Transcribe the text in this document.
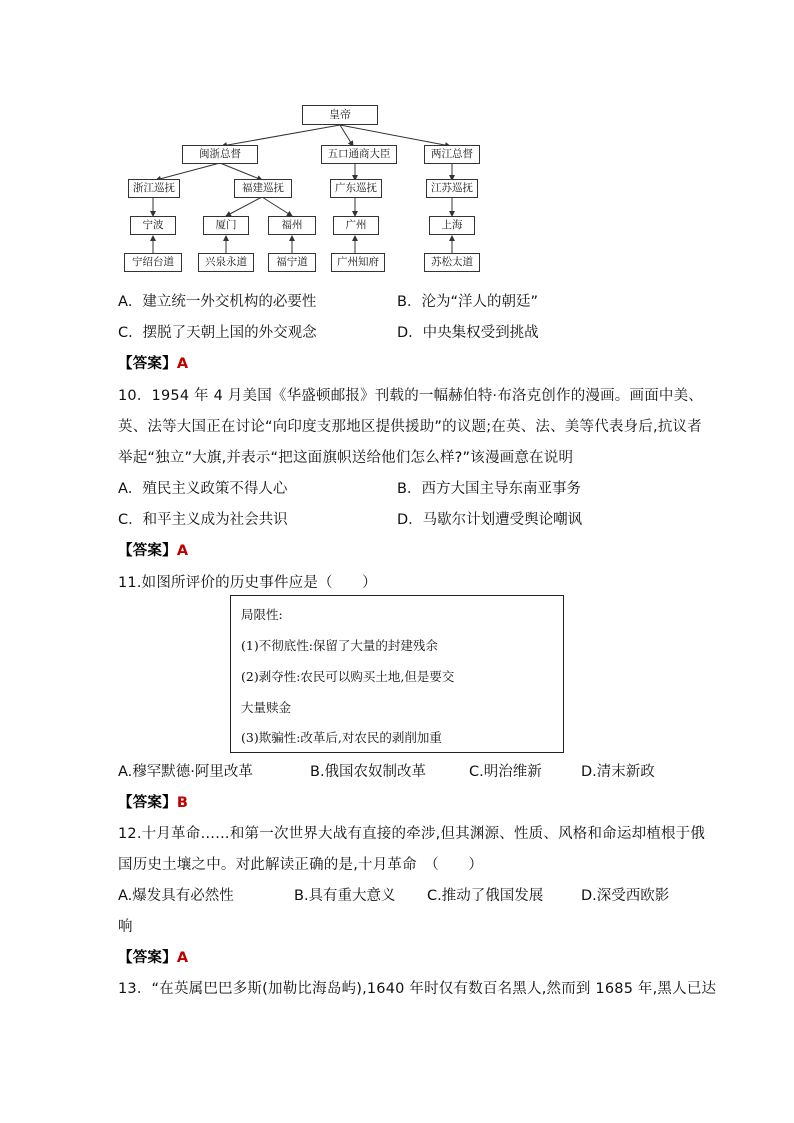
皇帝
闽浙总督	五口通商大臣	两江总督
浙江巡抚	福建巡抚	广东巡抚	江苏巡抚
宁波	厦门	福州	广州	上海
宁绍台道	兴泉永道	福宁道	广州知府	苏松太道
A．建立统一外交机构的必要性	B．沦为“洋人的朝廷”
C．摆脱了天朝上国的外交观念	D．中央集权受到挑战
【答案】A
10．1954 年 4 月美国《华盛顿邮报》刊载的一幅赫伯特·布洛克创作的漫画。画面中美、
英、法等大国正在讨论“向印度支那地区提供援助”的议题;在英、法、美等代表身后,抗议者
举起“独立”大旗,并表示“把这面旗帜送给他们怎么样?”该漫画意在说明
A．殖民主义政策不得人心	B．西方大国主导东南亚事务
C．和平主义成为社会共识	D．马歇尔计划遭受舆论嘲讽
【答案】A
11.如图所评价的历史事件应是（　　）
局限性:
(1)不彻底性:保留了大量的封建残余
(2)剥夺性:农民可以购买土地,但是要交
大量赎金
(3)欺骗性:改革后,对农民的剥削加重
A.穆罕默德·阿里改革	B.俄国农奴制改革	C.明治维新	D.清末新政
【答案】B
12.十月革命……和第一次世界大战有直接的牵涉,但其渊源、性质、风格和命运却植根于俄
国历史土壤之中。对此解读正确的是,十月革命　（　　）
A.爆发具有必然性	B.具有重大意义 C.推动了俄国发展	D.深受西欧影
响
【答案】A
13．“在英属巴巴多斯(加勒比海岛屿),1640 年时仅有数百名黑人,然而到 1685 年,黑人已达
